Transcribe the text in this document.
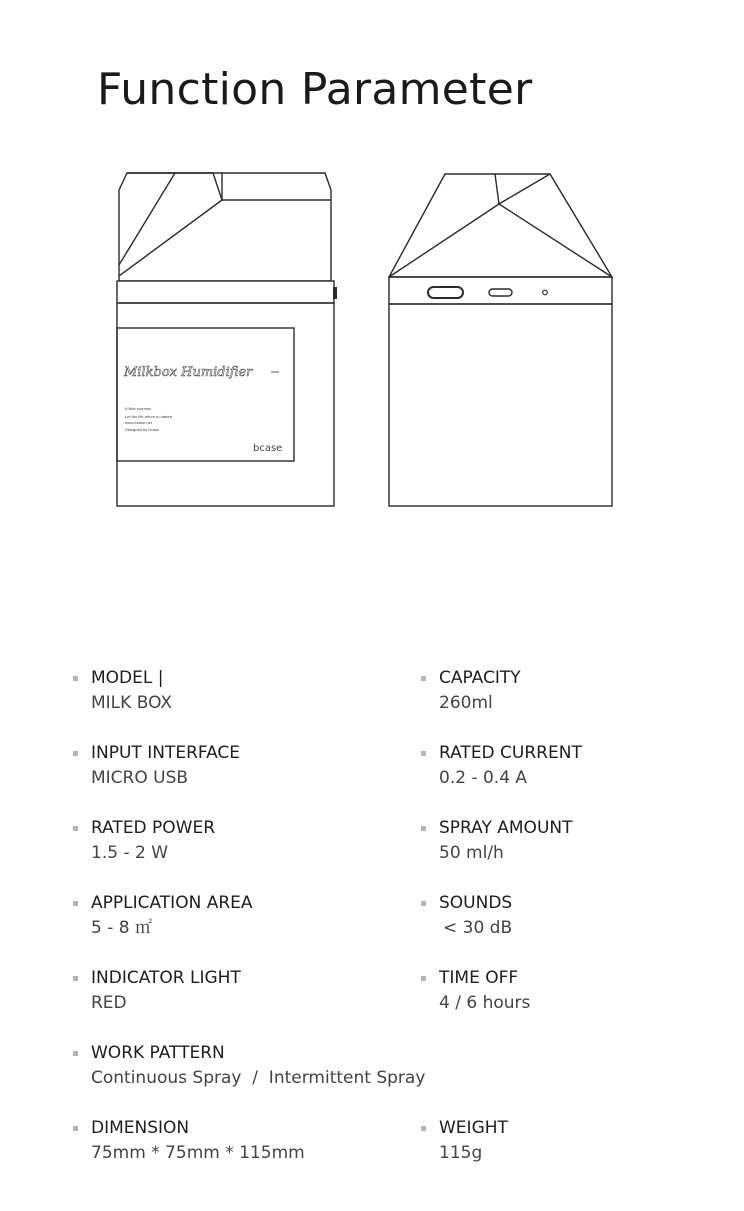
Function Parameter
Milkbox Humidifier
A little surprise
Let the life return to nature
www.bcase.net
Designed by bcase
bcase
MODEL |
MILK BOX
INPUT INTERFACE
MICRO USB
RATED POWER
1.5 - 2 W
APPLICATION AREA
5 - 8 ㎡
INDICATOR LIGHT
RED
WORK PATTERN
Continuous Spray  /  Intermittent Spray
DIMENSION
75mm * 75mm * 115mm
CAPACITY
260ml
RATED CURRENT
0.2 - 0.4 A
SPRAY AMOUNT
50 ml/h
SOUNDS
< 30 dB
TIME OFF
4 / 6 hours
WEIGHT
115g
